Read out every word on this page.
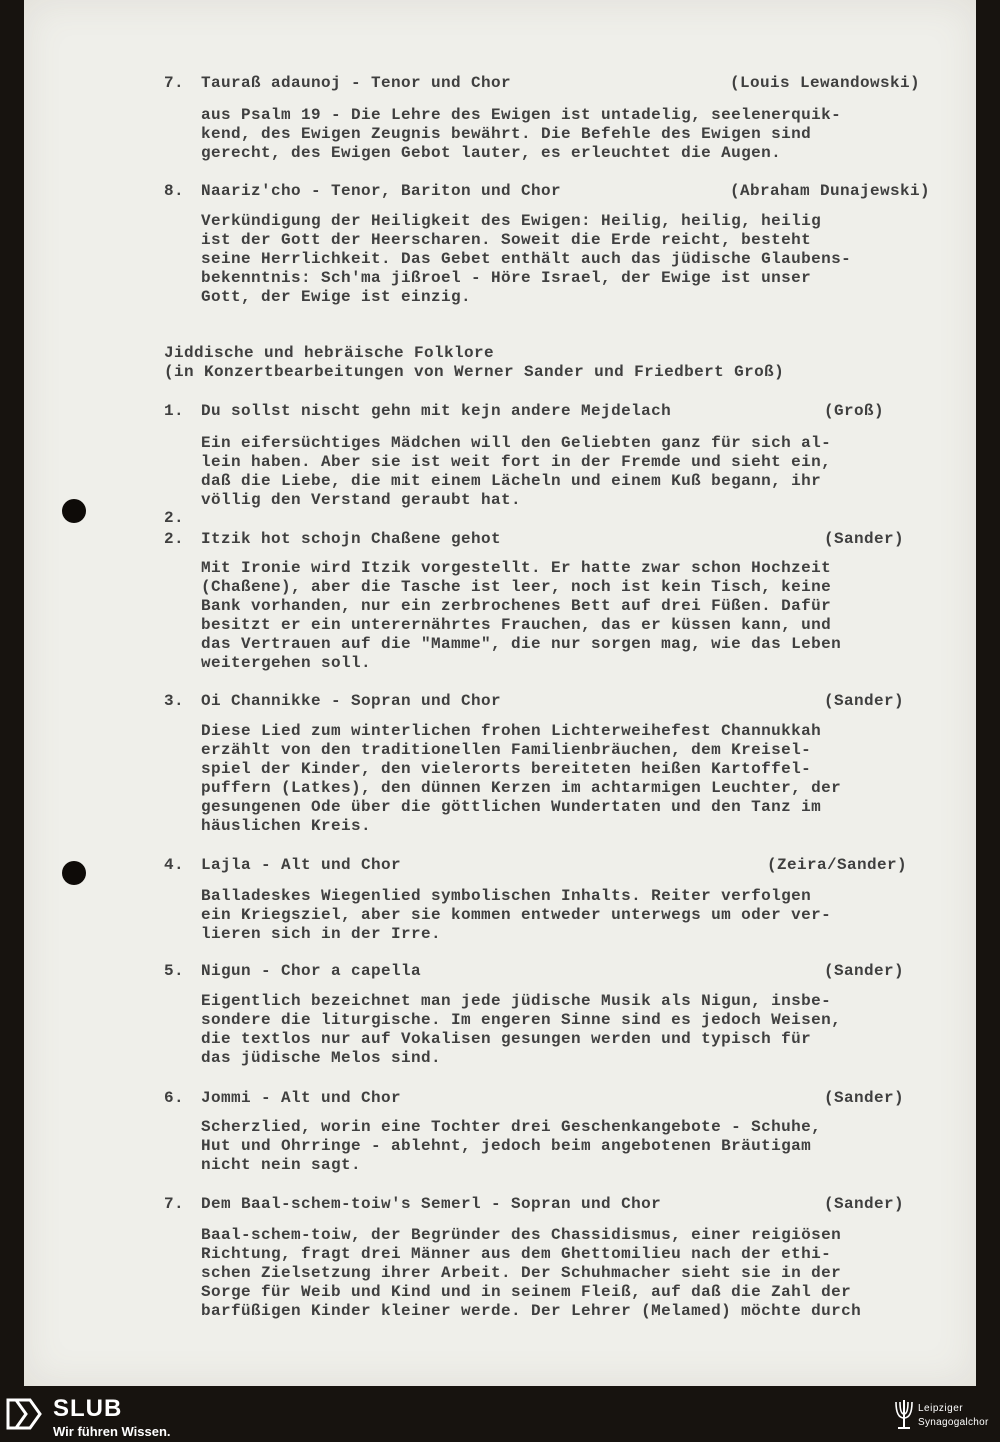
7. Tauraß adaunoj - Tenor und Chor	(Louis Lewandowski)
aus Psalm 19 - Die Lehre des Ewigen ist untadelig, seelenerquik-
kend, des Ewigen Zeugnis bewährt. Die Befehle des Ewigen sind
gerecht, des Ewigen Gebot lauter, es erleuchtet die Augen.
8. Naariz'cho - Tenor, Bariton und Chor	(Abraham Dunajewski)
Verkündigung der Heiligkeit des Ewigen: Heilig, heilig, heilig
ist der Gott der Heerscharen. Soweit die Erde reicht, besteht
seine Herrlichkeit. Das Gebet enthält auch das jüdische Glaubens-
bekenntnis: Sch'ma jißroel - Höre Israel, der Ewige ist unser
Gott, der Ewige ist einzig.
Jiddische und hebräische Folklore
(in Konzertbearbeitungen von Werner Sander und Friedbert Groß)
1. Du sollst nischt gehn mit kejn andere Mejdelach	(Groß)
Ein eifersüchtiges Mädchen will den Geliebten ganz für sich al-
lein haben. Aber sie ist weit fort in der Fremde und sieht ein,
daß die Liebe, die mit einem Lächeln und einem Kuß begann, ihr
völlig den Verstand geraubt hat.
2.
2. Itzik hot schojn Chaßene gehot	(Sander)
Mit Ironie wird Itzik vorgestellt. Er hatte zwar schon Hochzeit
(Chaßene), aber die Tasche ist leer, noch ist kein Tisch, keine
Bank vorhanden, nur ein zerbrochenes Bett auf drei Füßen. Dafür
besitzt er ein unterernährtes Frauchen, das er küssen kann, und
das Vertrauen auf die "Mamme", die nur sorgen mag, wie das Leben
weitergehen soll.
3. Oi Channikke - Sopran und Chor	(Sander)
Diese Lied zum winterlichen frohen Lichterweihefest Channukkah
erzählt von den traditionellen Familienbräuchen, dem Kreisel-
spiel der Kinder, den vielerorts bereiteten heißen Kartoffel-
puffern (Latkes), den dünnen Kerzen im achtarmigen Leuchter, der
gesungenen Ode über die göttlichen Wundertaten und den Tanz im
häuslichen Kreis.
4. Lajla - Alt und Chor	(Zeira/Sander)
Balladeskes Wiegenlied symbolischen Inhalts. Reiter verfolgen
ein Kriegsziel, aber sie kommen entweder unterwegs um oder ver-
lieren sich in der Irre.
5. Nigun - Chor a capella	(Sander)
Eigentlich bezeichnet man jede jüdische Musik als Nigun, insbe-
sondere die liturgische. Im engeren Sinne sind es jedoch Weisen,
die textlos nur auf Vokalisen gesungen werden und typisch für
das jüdische Melos sind.
6. Jommi - Alt und Chor	(Sander)
Scherzlied, worin eine Tochter drei Geschenkangebote - Schuhe,
Hut und Ohrringe - ablehnt, jedoch beim angebotenen Bräutigam
nicht nein sagt.
7. Dem Baal-schem-toiw's Semerl - Sopran und Chor	(Sander)
Baal-schem-toiw, der Begründer des Chassidismus, einer reigiösen
Richtung, fragt drei Männer aus dem Ghettomilieu nach der ethi-
schen Zielsetzung ihrer Arbeit. Der Schuhmacher sieht sie in der
Sorge für Weib und Kind und in seinem Fleiß, auf daß die Zahl der
barfüßigen Kinder kleiner werde. Der Lehrer (Melamed) möchte durch
SLUB
Wir führen Wissen.
Leipziger
Synagogalchor
